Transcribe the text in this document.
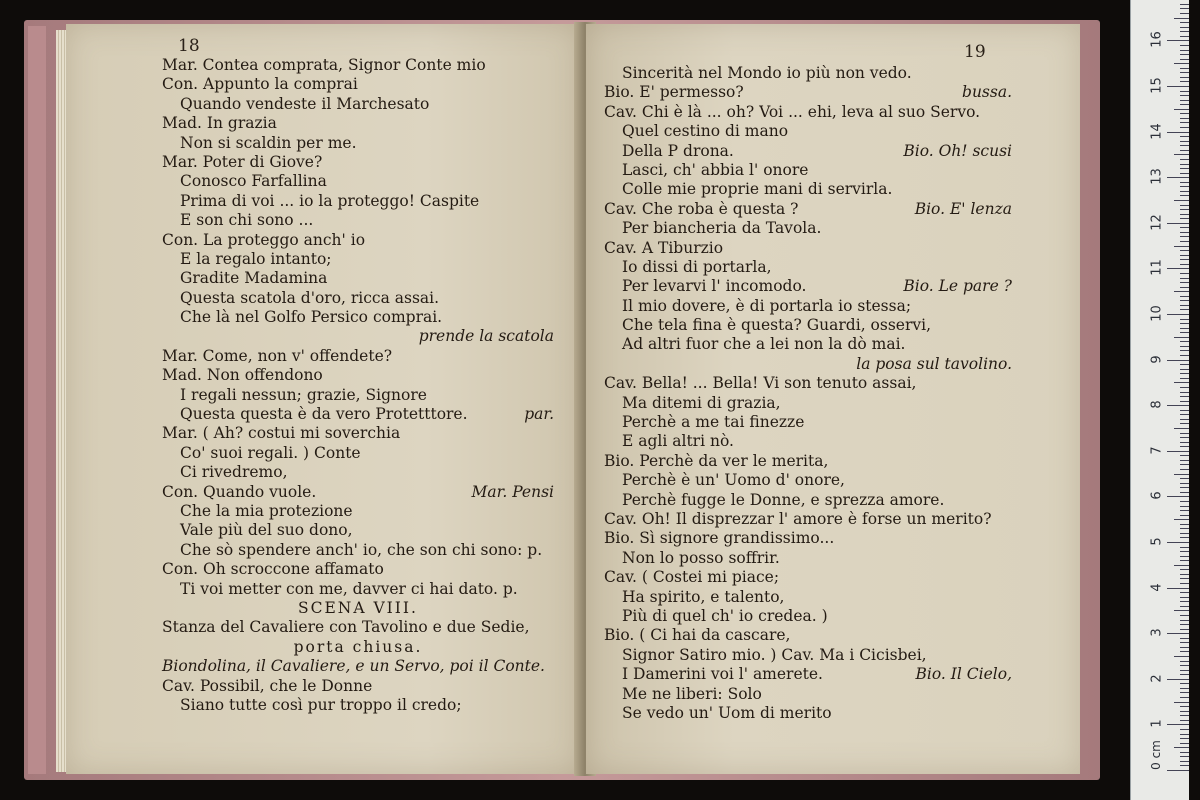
18
Mar. Contea comprata, Signor Conte mio
Con. Appunto la comprai
Quando vendeste il Marchesato
Mad. In grazia
Non si scaldin per me.
Mar. Poter di Giove?
Conosco Farfallina
Prima di voi ... io la proteggo! Caspite
E son chi sono ...
Con. La proteggo anch' io
E la regalo intanto;
Gradite Madamina
Questa scatola d'oro, ricca assai.
Che là nel Golfo Persico comprai.
prende la scatola
Mar. Come, non v' offendete?
Mad. Non offendono
I regali nessun; grazie, Signore
Questa questa è da vero Protetttore.	par.
Mar. ( Ah? costui mi soverchia
Co' suoi regali. ) Conte
Ci rivedremo,
Con. Quando vuole.	Mar. Pensi
Che la mia protezione
Vale più del suo dono,
Che sò spendere anch' io, che son chi sono: p.
Con. Oh scroccone affamato
Ti voi metter con me, davver ci hai dato. p.
SCENA VIII.
Stanza del Cavaliere con Tavolino e due Sedie,
porta chiusa.
Biondolina, il Cavaliere, e un Servo, poi il Conte.
Cav. Possibil, che le Donne
Siano tutte così pur troppo il credo;
19
Sincerità nel Mondo io più non vedo.
Bio. E' permesso?	bussa.
Cav. Chi è là ... oh? Voi ... ehi, leva al suo Servo.
Quel cestino di mano
Della P drona.	Bio. Oh! scusi
Lasci, ch' abbia l' onore
Colle mie proprie mani di servirla.
Cav. Che roba è questa ?	Bio. E' lenza
Per biancheria da Tavola.
Cav. A Tiburzio
Io dissi di portarla,
Per levarvi l' incomodo.	Bio. Le pare ?
Il mio dovere, è di portarla io stessa;
Che tela fina è questa? Guardi, osservi,
Ad altri fuor che a lei non la dò mai.
la posa sul tavolino.
Cav. Bella! ... Bella! Vi son tenuto assai,
Ma ditemi di grazia,
Perchè a me tai finezze
E agli altri nò.
Bio. Perchè da ver le merita,
Perchè è un' Uomo d' onore,
Perchè fugge le Donne, e sprezza amore.
Cav. Oh! Il disprezzar l' amore è forse un merito?
Bio. Sì signore grandissimo...
Non lo posso soffrir.
Cav. ( Costei mi piace;
Ha spirito, e talento,
Più di quel ch' io credea. )
Bio. ( Ci hai da cascare,
Signor Satiro mio. ) Cav. Ma i Cicisbei,
I Damerini voi l' amerete.	Bio. Il Cielo,
Me ne liberi: Solo
Se vedo un' Uom di merito
0 cm
1
2
3
4
5
6
7
8
9
10
11
12
13
14
15
16
